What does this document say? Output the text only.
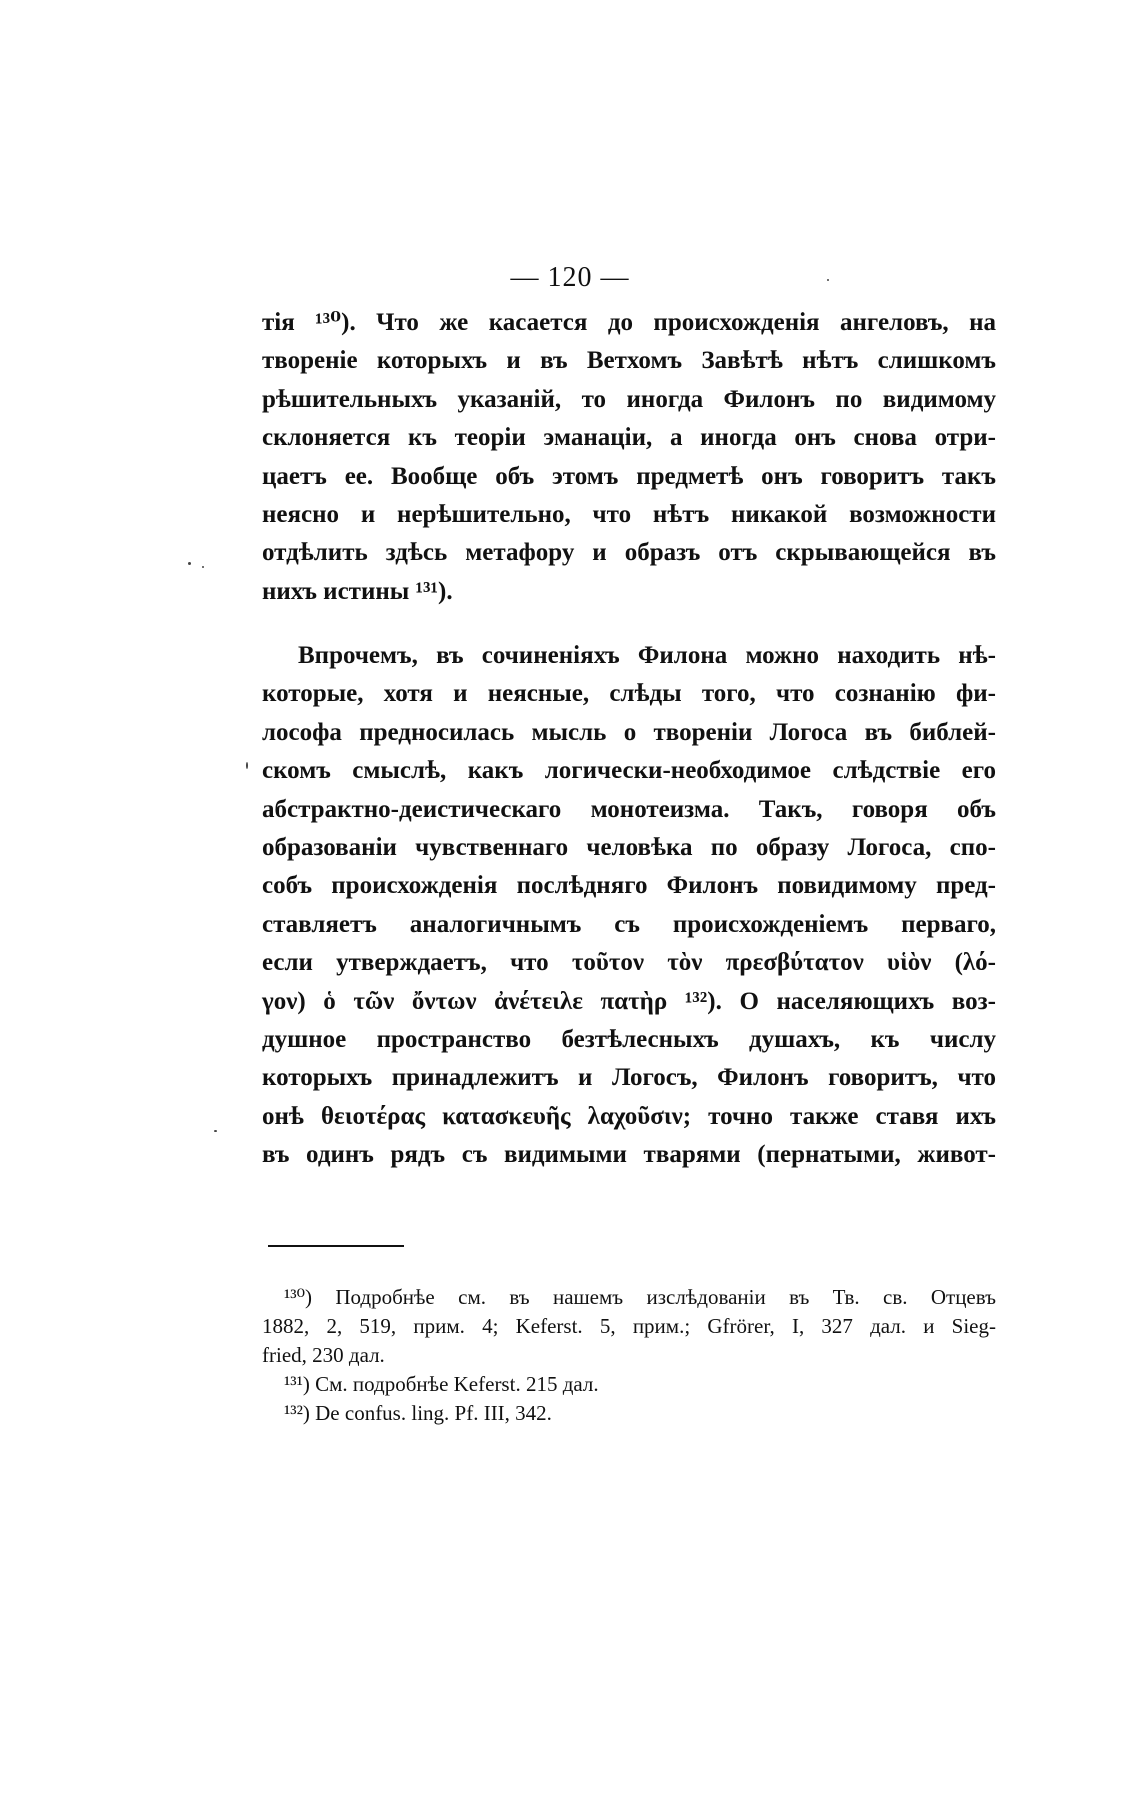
— 120 —

тія ¹³⁰). Что же касается до происхожденія ангеловъ, на
твореніе которыхъ и въ Ветхомъ Завѣтѣ нѣтъ слишкомъ
рѣшительныхъ указаній, то иногда Филонъ по видимому
склоняется къ теоріи эманаціи, а иногда онъ снова отри-
цаетъ ее. Вообще объ этомъ предметѣ онъ говоритъ такъ
неясно и нерѣшительно, что нѣтъ никакой возможности
отдѣлить здѣсь метафору и образъ отъ скрывающейся въ
нихъ истины ¹³¹).

Впрочемъ, въ сочиненіяхъ Филона можно находить нѣ-
которые, хотя и неясные, слѣды того, что сознанію фи-
лософа предносилась мысль о твореніи Логоса въ библей-
скомъ смыслѣ, какъ логически-необходимое слѣдствіе его
абстрактно-деистическаго монотеизма. Такъ, говоря объ
образованіи чувственнаго человѣка по образу Логоса, спо-
собъ происхожденія послѣдняго Филонъ повидимому пред-
ставляетъ аналогичнымъ съ происхожденіемъ перваго,
если утверждаетъ, что τοῦτον τὸν πρεσβύτατον υἱὸν (λό-
γον) ὁ τῶν ὄντων ἀνέτειλε πατὴρ ¹³²). О населяющихъ воз-
душное пространство безтѣлесныхъ душахъ, къ числу
которыхъ принадлежитъ и Логосъ, Филонъ говоритъ, что
онѣ θειοτέρας κατασκευῆς λαχοῦσιν; точно также ставя ихъ
въ одинъ рядъ съ видимыми тварями (пернатыми, живот-

¹³⁰) Подробнѣе см. въ нашемъ изслѣдованіи въ Тв. св. Отцевъ
1882, 2, 519, прим. 4; Keferst. 5, прим.; Gfrörer, I, 327 дал. и Sieg-
fried, 230 дал.
¹³¹) См. подробнѣе Keferst. 215 дал.
¹³²) De confus. ling. Pf. III, 342.
